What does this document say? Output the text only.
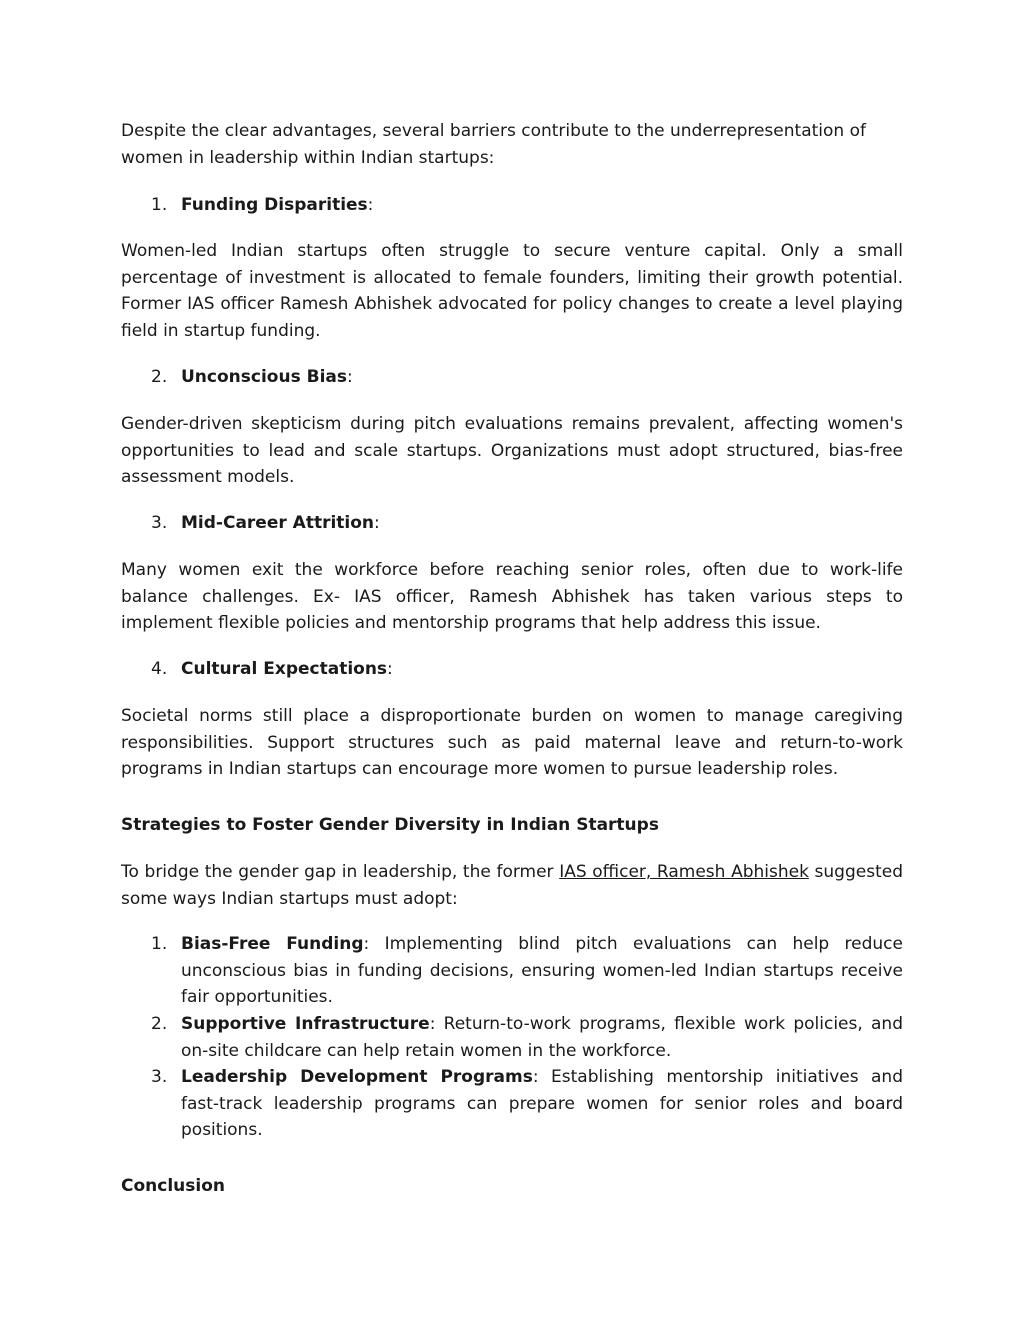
Despite the clear advantages, several barriers contribute to the underrepresentation of women in leadership within Indian startups:

1. Funding Disparities:

Women-led Indian startups often struggle to secure venture capital. Only a small percentage of investment is allocated to female founders, limiting their growth potential. Former IAS officer Ramesh Abhishek advocated for policy changes to create a level playing field in startup funding.

2. Unconscious Bias:

Gender-driven skepticism during pitch evaluations remains prevalent, affecting women's opportunities to lead and scale startups. Organizations must adopt structured, bias-free assessment models.

3. Mid-Career Attrition:

Many women exit the workforce before reaching senior roles, often due to work-life balance challenges. Ex- IAS officer, Ramesh Abhishek has taken various steps to implement flexible policies and mentorship programs that help address this issue.

4. Cultural Expectations:

Societal norms still place a disproportionate burden on women to manage caregiving responsibilities. Support structures such as paid maternal leave and return-to-work programs in Indian startups can encourage more women to pursue leadership roles.

Strategies to Foster Gender Diversity in Indian Startups

To bridge the gender gap in leadership, the former IAS officer, Ramesh Abhishek suggested some ways Indian startups must adopt:

1. Bias-Free Funding: Implementing blind pitch evaluations can help reduce unconscious bias in funding decisions, ensuring women-led Indian startups receive fair opportunities.
2. Supportive Infrastructure: Return-to-work programs, flexible work policies, and on-site childcare can help retain women in the workforce.
3. Leadership Development Programs: Establishing mentorship initiatives and fast-track leadership programs can prepare women for senior roles and board positions.
Conclusion
